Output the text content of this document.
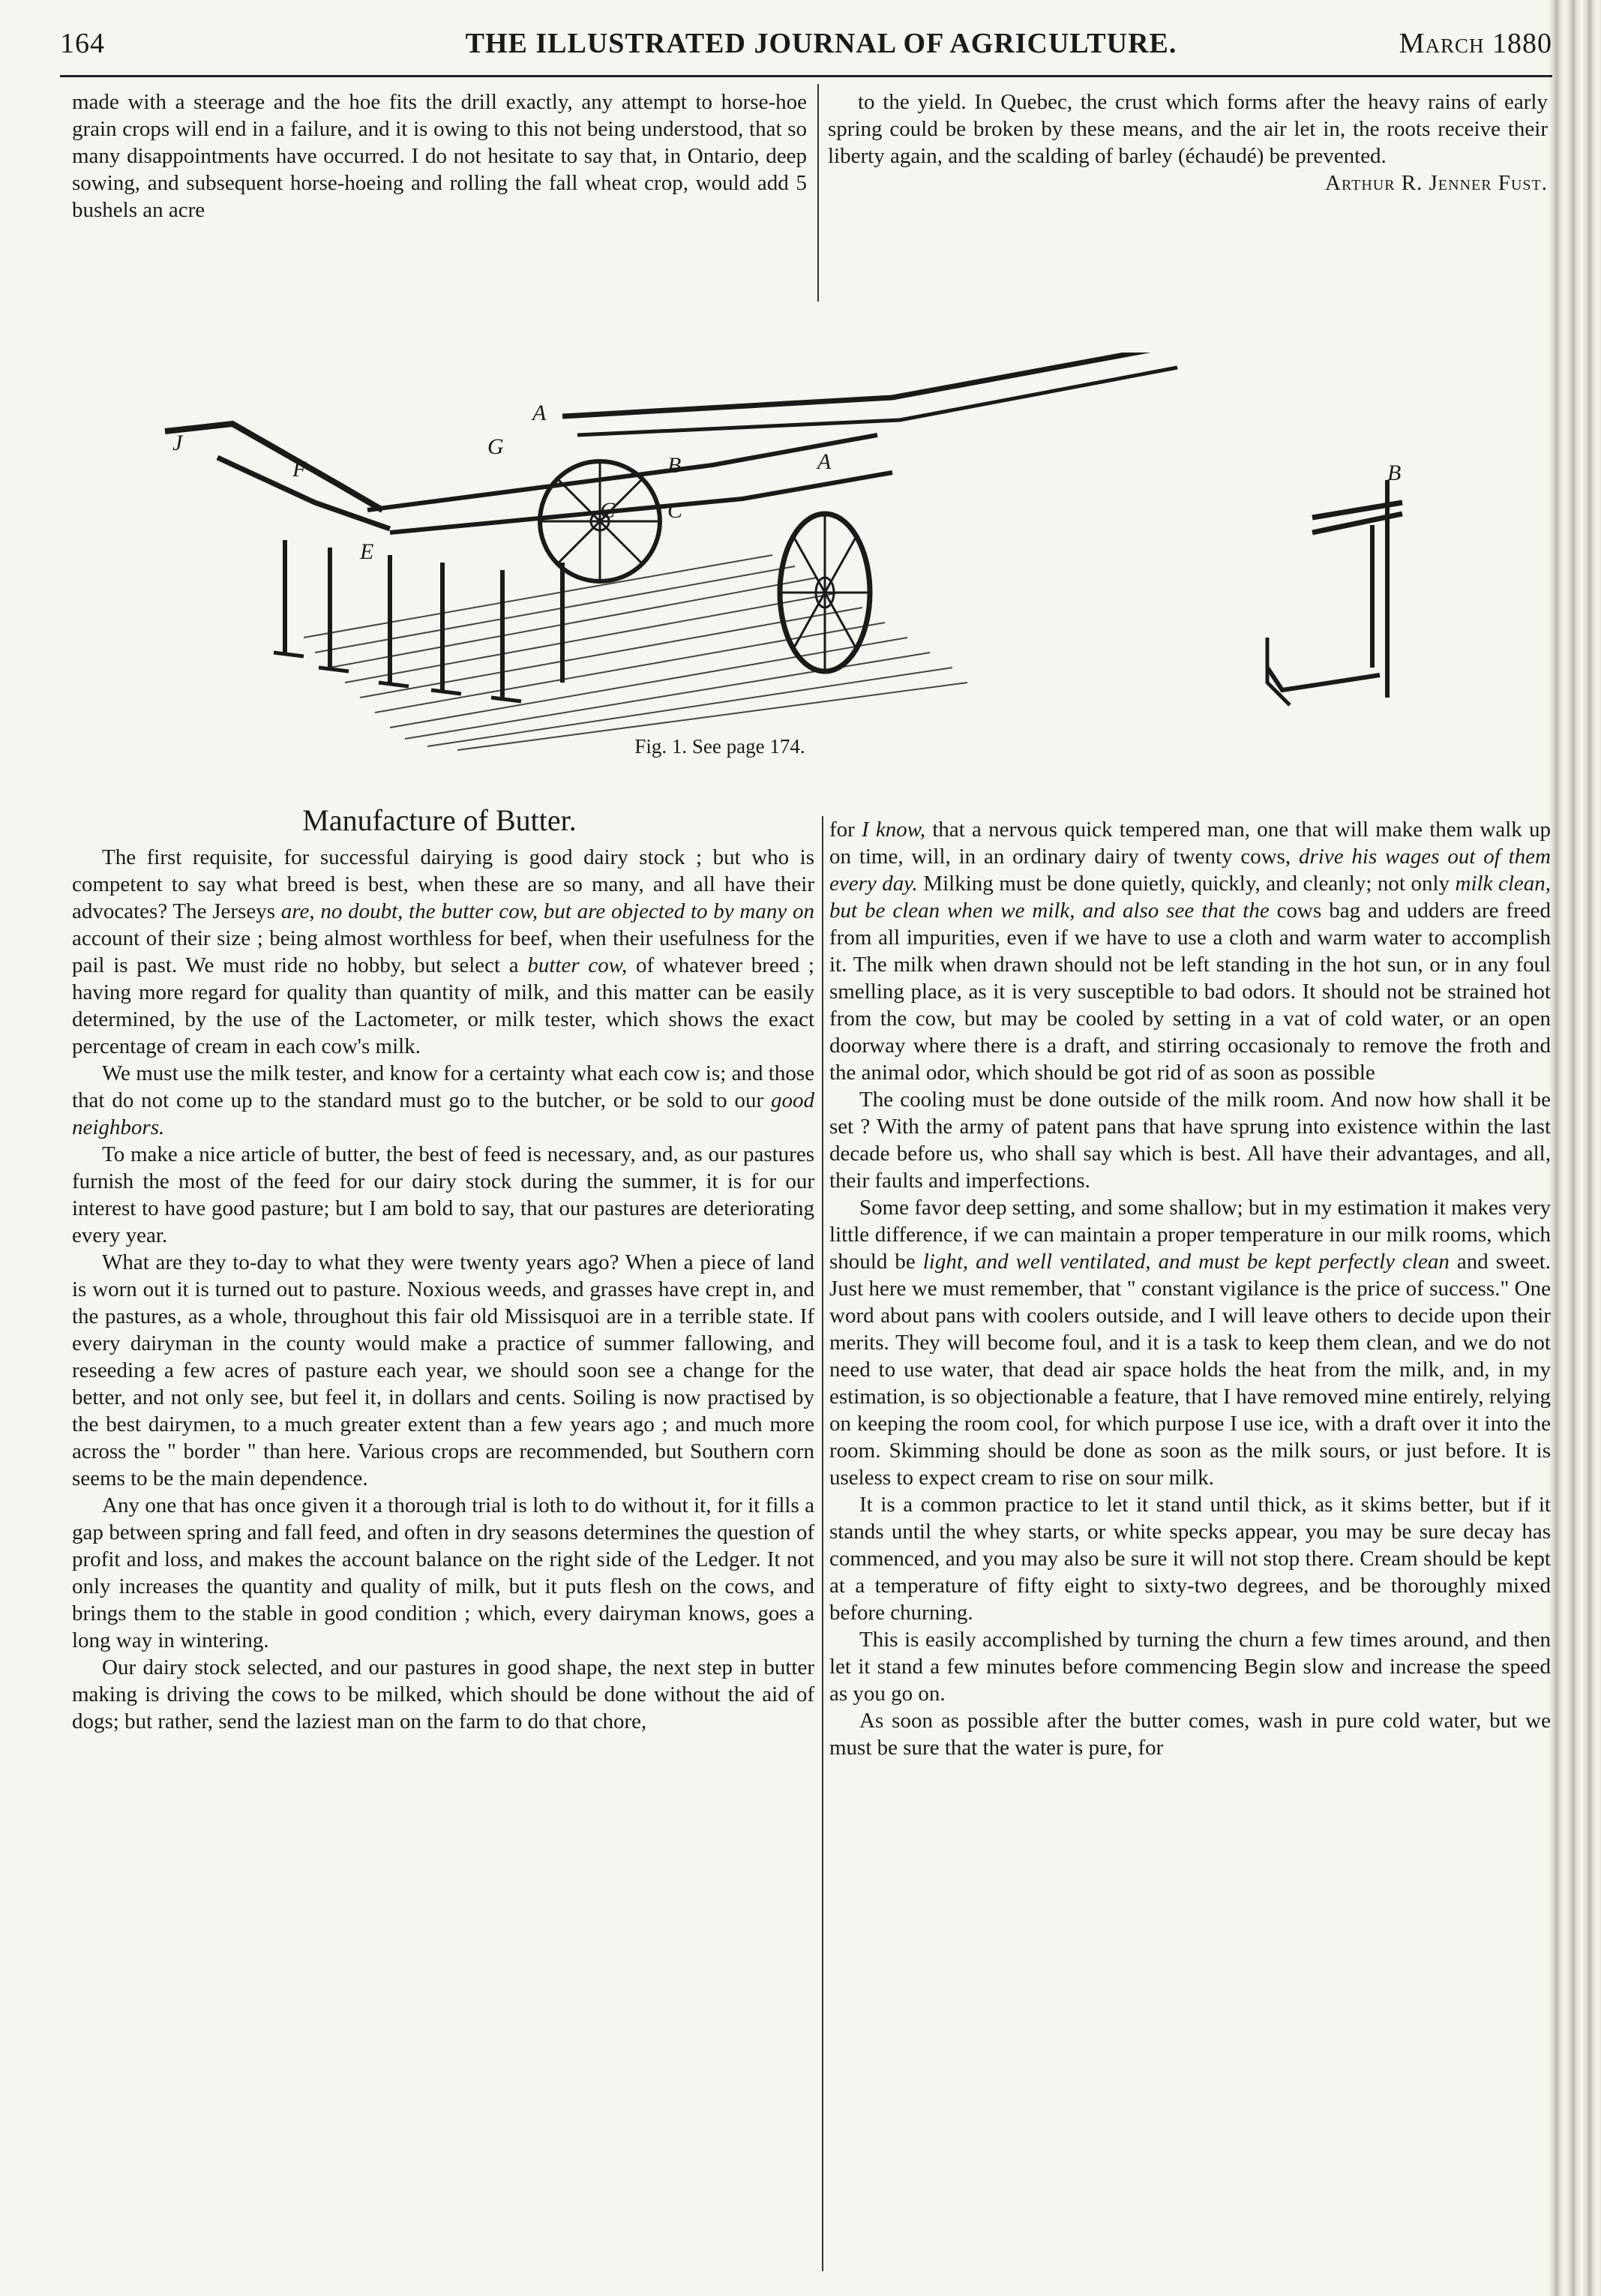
164	THE ILLUSTRATED JOURNAL OF AGRICULTURE.	March 1880

made with a steerage and the hoe fits the drill exactly, any attempt to horse-hoe grain crops will end in a failure, and it is owing to this not being understood, that so many disappointments have occurred. I do not hesitate to say that, in Ontario, deep sowing, and subsequent horse-hoeing and rolling the fall wheat crop, would add 5 bushels an acre

to the yield. In Quebec, the crust which forms after the heavy rains of early spring could be broken by these means, and the air let in, the roots receive their liberty again, and the scalding of barley (échaudé) be prevented.

Arthur R. Jenner Fust.

J
F
E
G
A
B
C C
A	B
Fig. 1. See page 174.
Manufacture of Butter.

The first requisite, for successful dairying is good dairy stock ; but who is competent to say what breed is best, when these are so many, and all have their advocates? The Jerseys are, no doubt, the butter cow, but are objected to by many on account of their size ; being almost worthless for beef, when their usefulness for the pail is past. We must ride no hobby, but select a butter cow, of whatever breed ; having more regard for quality than quantity of milk, and this matter can be easily determined, by the use of the Lactometer, or milk tester, which shows the exact percentage of cream in each cow's milk.

We must use the milk tester, and know for a certainty what each cow is; and those that do not come up to the standard must go to the butcher, or be sold to our good neighbors.

To make a nice article of butter, the best of feed is necessary, and, as our pastures furnish the most of the feed for our dairy stock during the summer, it is for our interest to have good pasture; but I am bold to say, that our pastures are deteriorating every year.

What are they to-day to what they were twenty years ago? When a piece of land is worn out it is turned out to pasture. Noxious weeds, and grasses have crept in, and the pastures, as a whole, throughout this fair old Missisquoi are in a terrible state. If every dairyman in the county would make a practice of summer fallowing, and reseeding a few acres of pasture each year, we should soon see a change for the better, and not only see, but feel it, in dollars and cents. Soiling is now practised by the best dairymen, to a much greater extent than a few years ago ; and much more across the " border " than here. Various crops are recommended, but Southern corn seems to be the main dependence.

Any one that has once given it a thorough trial is loth to do without it, for it fills a gap between spring and fall feed, and often in dry seasons determines the question of profit and loss, and makes the account balance on the right side of the Ledger. It not only increases the quantity and quality of milk, but it puts flesh on the cows, and brings them to the stable in good condition ; which, every dairyman knows, goes a long way in wintering.

Our dairy stock selected, and our pastures in good shape, the next step in butter making is driving the cows to be milked, which should be done without the aid of dogs; but rather, send the laziest man on the farm to do that chore,

for I know, that a nervous quick tempered man, one that will make them walk up on time, will, in an ordinary dairy of twenty cows, drive his wages out of them every day. Milking must be done quietly, quickly, and cleanly; not only milk clean, but be clean when we milk, and also see that the cows bag and udders are freed from all impurities, even if we have to use a cloth and warm water to accomplish it. The milk when drawn should not be left standing in the hot sun, or in any foul smelling place, as it is very susceptible to bad odors. It should not be strained hot from the cow, but may be cooled by setting in a vat of cold water, or an open doorway where there is a draft, and stirring occasionaly to remove the froth and the animal odor, which should be got rid of as soon as possible

The cooling must be done outside of the milk room. And now how shall it be set ? With the army of patent pans that have sprung into existence within the last decade before us, who shall say which is best. All have their advantages, and all, their faults and imperfections.

Some favor deep setting, and some shallow; but in my estimation it makes very little difference, if we can maintain a proper temperature in our milk rooms, which should be light, and well ventilated, and must be kept perfectly clean and sweet. Just here we must remember, that " constant vigilance is the price of success." One word about pans with coolers outside, and I will leave others to decide upon their merits. They will become foul, and it is a task to keep them clean, and we do not need to use water, that dead air space holds the heat from the milk, and, in my estimation, is so objectionable a feature, that I have removed mine entirely, relying on keeping the room cool, for which purpose I use ice, with a draft over it into the room. Skimming should be done as soon as the milk sours, or just before. It is useless to expect cream to rise on sour milk.

It is a common practice to let it stand until thick, as it skims better, but if it stands until the whey starts, or white specks appear, you may be sure decay has commenced, and you may also be sure it will not stop there. Cream should be kept at a temperature of fifty eight to sixty-two degrees, and be thoroughly mixed before churning.

This is easily accomplished by turning the churn a few times around, and then let it stand a few minutes before commencing Begin slow and increase the speed as you go on.

As soon as possible after the butter comes, wash in pure cold water, but we must be sure that the water is pure, for
